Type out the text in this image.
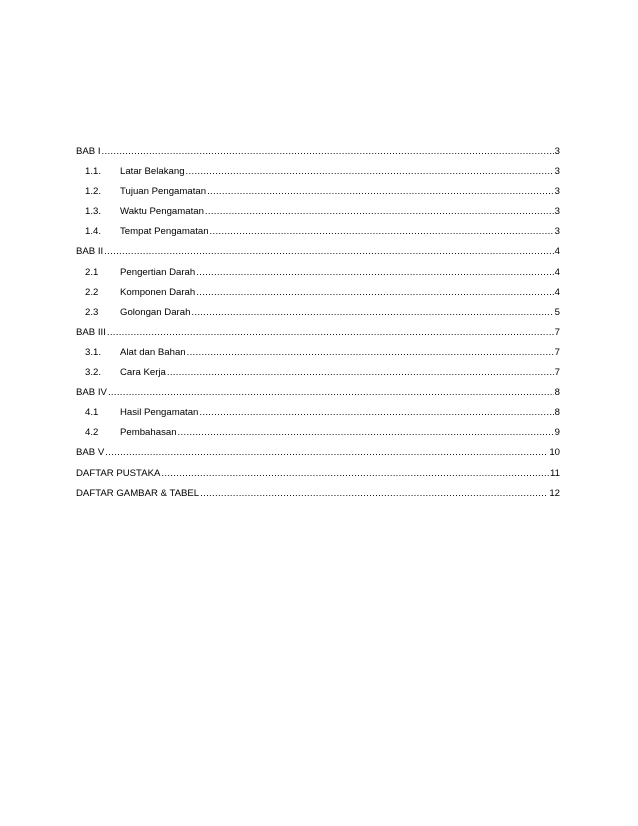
BAB I .....	3
1.1.	Latar Belakang .....	3
1.2.	Tujuan Pengamatan .....	3
1.3.	Waktu Pengamatan .....	3
1.4.	Tempat Pengamatan .....	3
BAB II .....	4
2.1	Pengertian Darah .....	4
2.2	Komponen Darah .....	4
2.3	Golongan Darah .....	5
BAB III .....	7
3.1.	Alat dan Bahan .....	7
3.2.	Cara Kerja .....	7
BAB IV .....	8
4.1	Hasil Pengamatan .....	8
4.2	Pembahasan .....	9
BAB V .....	10
DAFTAR PUSTAKA .....	11
DAFTAR GAMBAR & TABEL .....	12
